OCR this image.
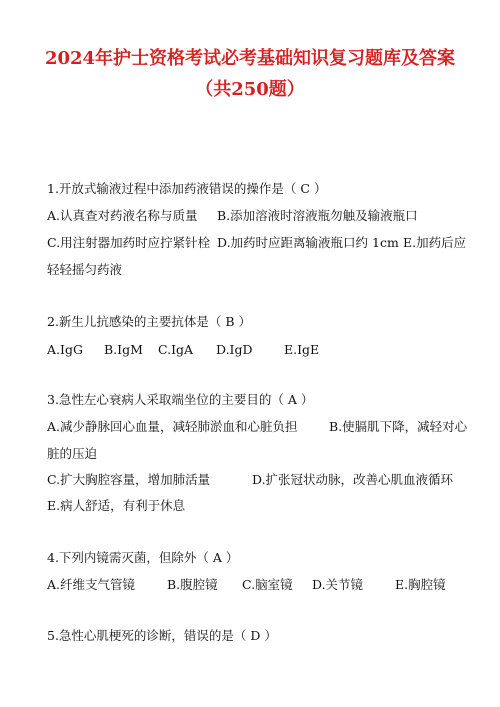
2024年护士资格考试必考基础知识复习题库及答案
（共250题）
1.开放式输液过程中添加药液错误的操作是（ C ）
A.认真查对药液名称与质量 B.添加溶液时溶液瓶勿触及输液瓶口
C.用注射器加药时应拧紧针栓 D.加药时应距离输液瓶口约 1cm E.加药后应
轻轻摇匀药液
2.新生儿抗感染的主要抗体是（ B ）
A.IgG B.IgM C.IgA D.IgD	E.IgE
3.急性左心衰病人采取端坐位的主要目的（ A ）
A.减少静脉回心血量，减轻肺淤血和心脏负担	B.使膈肌下降，减轻对心
脏的压迫
C.扩大胸腔容量，增加肺活量	D.扩张冠状动脉，改善心肌血液循环
E.病人舒适，有利于休息
4.下列内镜需灭菌，但除外（ A ）
A.纤维支气管镜	B.腹腔镜 C.脑室镜 D.关节镜	E.胸腔镜
5.急性心肌梗死的诊断，错误的是（ D ）
